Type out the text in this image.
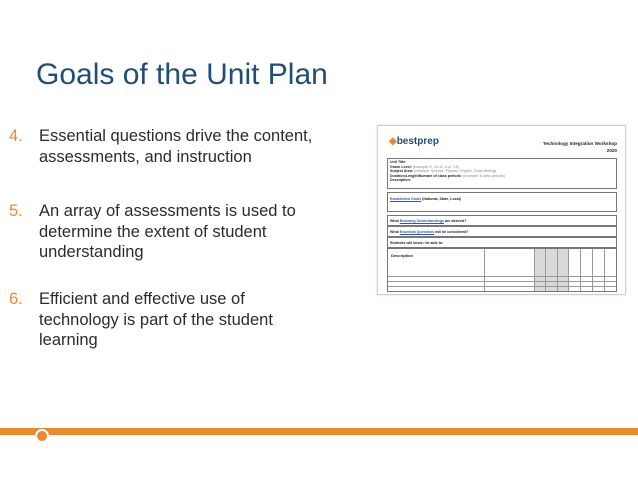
Goals of the Unit Plan
4. Essential questions drive the content,
assessments, and instruction
5. An array of assessments is used to
determine the extent of student
understanding
6. Efficient and effective use of
technology is part of the student
learning
◆bestprep	Technology Integration Workshop
2020
Unit Title:
Grade Level: (example: K, 10-12, 6 or 7-8)
Subject Area: (example: Science, Physics, English, Grant Writing)
Duration/Length/Number of class periods: (example: 8 class periods)
Description:
Established Goals (National, State, Local)
What Enduring Understandings are desired?
What Essential Questions will be considered?
Students will know / be able to:
Description
